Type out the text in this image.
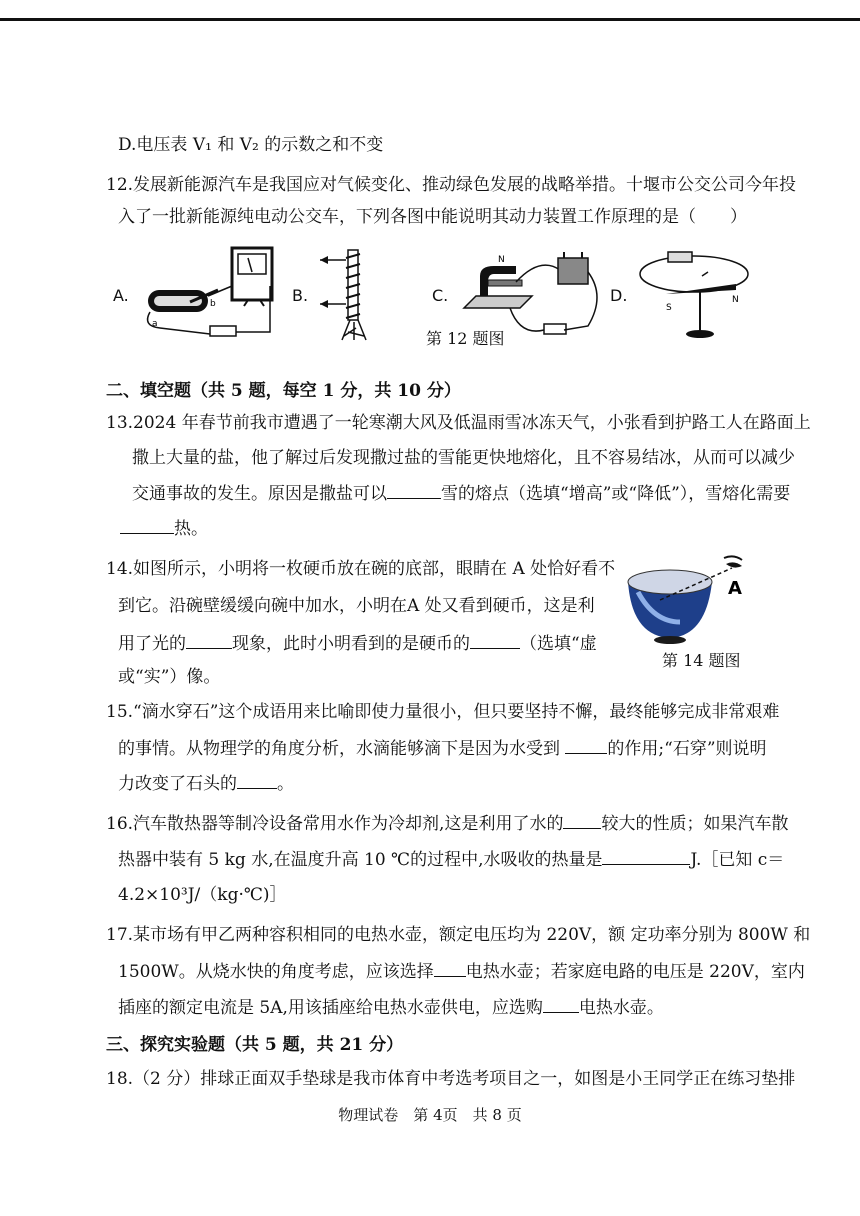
D.电压表 V₁ 和 V₂ 的示数之和不变
12.发展新能源汽车是我国应对气候变化、推动绿色发展的战略举措。十堰市公交公司今年投
入了一批新能源纯电动公交车，下列各图中能说明其动力装置工作原理的是（　　）
A.	b
a
B.	C.
N
D.
S
N
第 12 题图
二、填空题（共 5 题，每空 1 分，共 10 分）
13.2024 年春节前我市遭遇了一轮寒潮大风及低温雨雪冰冻天气，小张看到护路工人在路面上
撒上大量的盐，他了解过后发现撒过盐的雪能更快地熔化，且不容易结冰，从而可以减少
交通事故的发生。原因是撒盐可以	雪的熔点（选填“增高”或“降低”），雪熔化需要
热。
14.如图所示，小明将一枚硬币放在碗的底部，眼睛在 A 处恰好看不
到它。沿碗壁缓缓向碗中加水，小明在A 处又看到硬币，这是利
用了光的	现象，此时小明看到的是硬币的	（选填“虚
或“实”）像。
A
第 14 题图
15.“滴水穿石”这个成语用来比喻即使力量很小，但只要坚持不懈，最终能够完成非常艰难
的事情。从物理学的角度分析，水滴能够滴下是因为水受到 的作用;“石穿”则说明
力改变了石头的 。
16.汽车散热器等制冷设备常用水作为冷却剂,这是利用了水的 较大的性质；如果汽车散
热器中装有 5 kg 水,在温度升高 10 ℃的过程中,水吸收的热量是	J.［已知 c＝
4.2×10³J/（kg·℃)］
17.某市场有甲乙两种容积相同的电热水壶，额定电压均为 220V，额 定功率分别为 800W 和
1500W。从烧水快的角度考虑，应该选择 电热水壶；若家庭电路的电压是 220V，室内
插座的额定电流是 5A,用该插座给电热水壶供电，应选购 电热水壶。
三、探究实验题（共 5 题，共 21 分）
18.（2 分）排球正面双手垫球是我市体育中考选考项目之一，如图是小王同学正在练习垫排
物理试卷　第 4页　共 8 页
